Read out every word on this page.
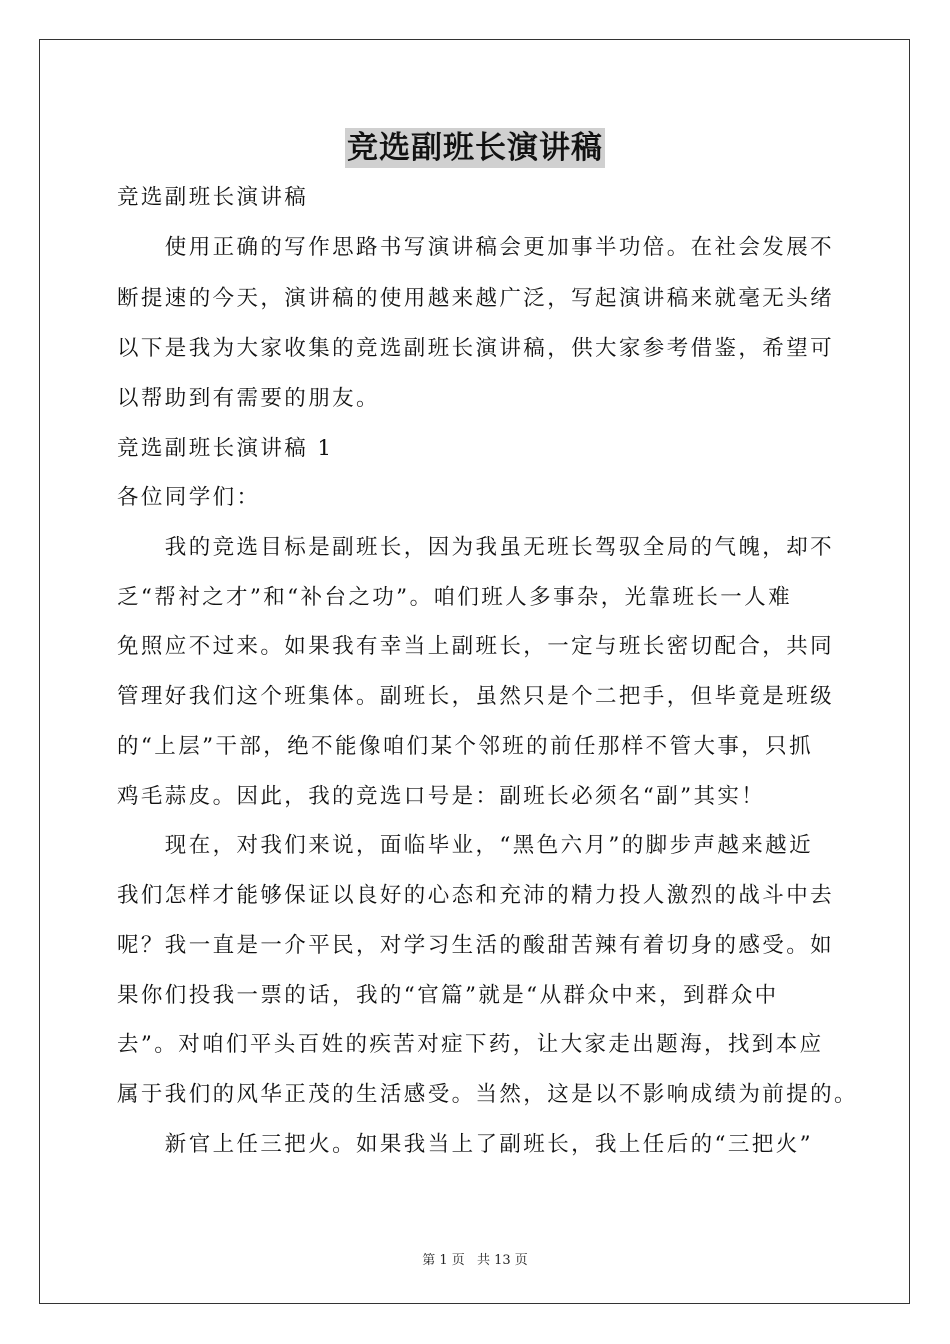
竞选副班长演讲稿
竞选副班长演讲稿
　　使用正确的写作思路书写演讲稿会更加事半功倍。在社会发展不
断提速的今天，演讲稿的使用越来越广泛，写起演讲稿来就毫无头绪
以下是我为大家收集的竞选副班长演讲稿，供大家参考借鉴，希望可
以帮助到有需要的朋友。
竞选副班长演讲稿 1
各位同学们：
　　我的竞选目标是副班长，因为我虽无班长驾驭全局的气魄，却不
乏“帮衬之才”和“补台之功”。咱们班人多事杂，光靠班长一人难
免照应不过来。如果我有幸当上副班长，一定与班长密切配合，共同
管理好我们这个班集体。副班长，虽然只是个二把手，但毕竟是班级
的“上层”干部，绝不能像咱们某个邻班的前任那样不管大事，只抓
鸡毛蒜皮。因此，我的竞选口号是：副班长必须名“副”其实！
　　现在，对我们来说，面临毕业，“黑色六月”的脚步声越来越近
我们怎样才能够保证以良好的心态和充沛的精力投人激烈的战斗中去
呢？我一直是一介平民，对学习生活的酸甜苦辣有着切身的感受。如
果你们投我一票的话，我的“官篇”就是“从群众中来，到群众中
去”。对咱们平头百姓的疾苦对症下药，让大家走出题海，找到本应
属于我们的风华正茂的生活感受。当然，这是以不影响成绩为前提的。
　　新官上任三把火。如果我当上了副班长，我上任后的“三把火”
第 1 页 共 13 页
